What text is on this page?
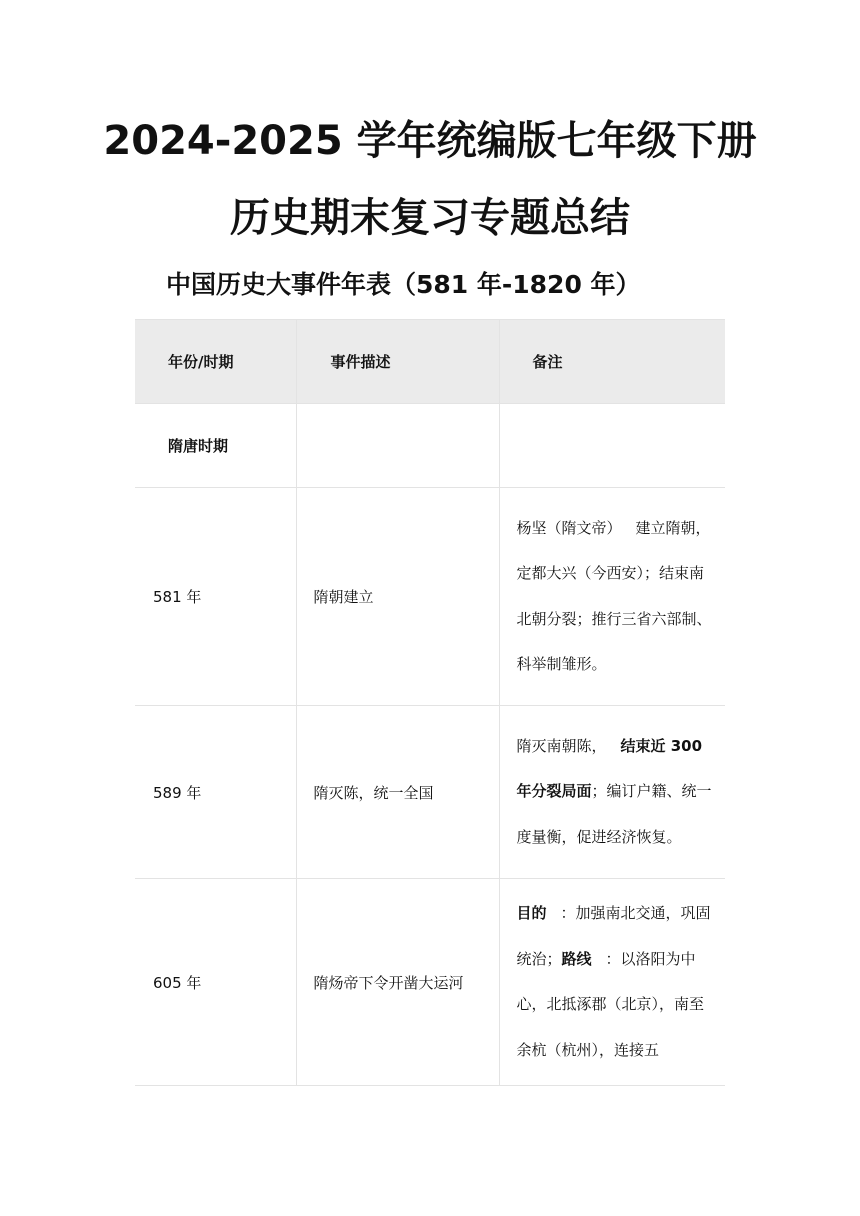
2024-2025 学年统编版七年级下册
历史期末复习专题总结
中国历史大事件年表（581 年-1820 年）
年份/时期	事件描述	备注
隋唐时期		
581 年	隋朝建立	杨坚（隋文帝） 建立隋朝，定都大兴（今西安）；结束南北朝分裂；推行三省六部制、科举制雏形。

589 年	隋灭陈，统一全国	隋灭南朝陈， 结束近 300 年分裂局面；编订户籍、统一度量衡，促进经济恢复。

605 年	隋炀帝下令开凿大运河	目的 ：加强南北交通，巩固统治；路线 ：以洛阳为中心，北抵涿郡（北京），南至余杭（杭州），连接五
